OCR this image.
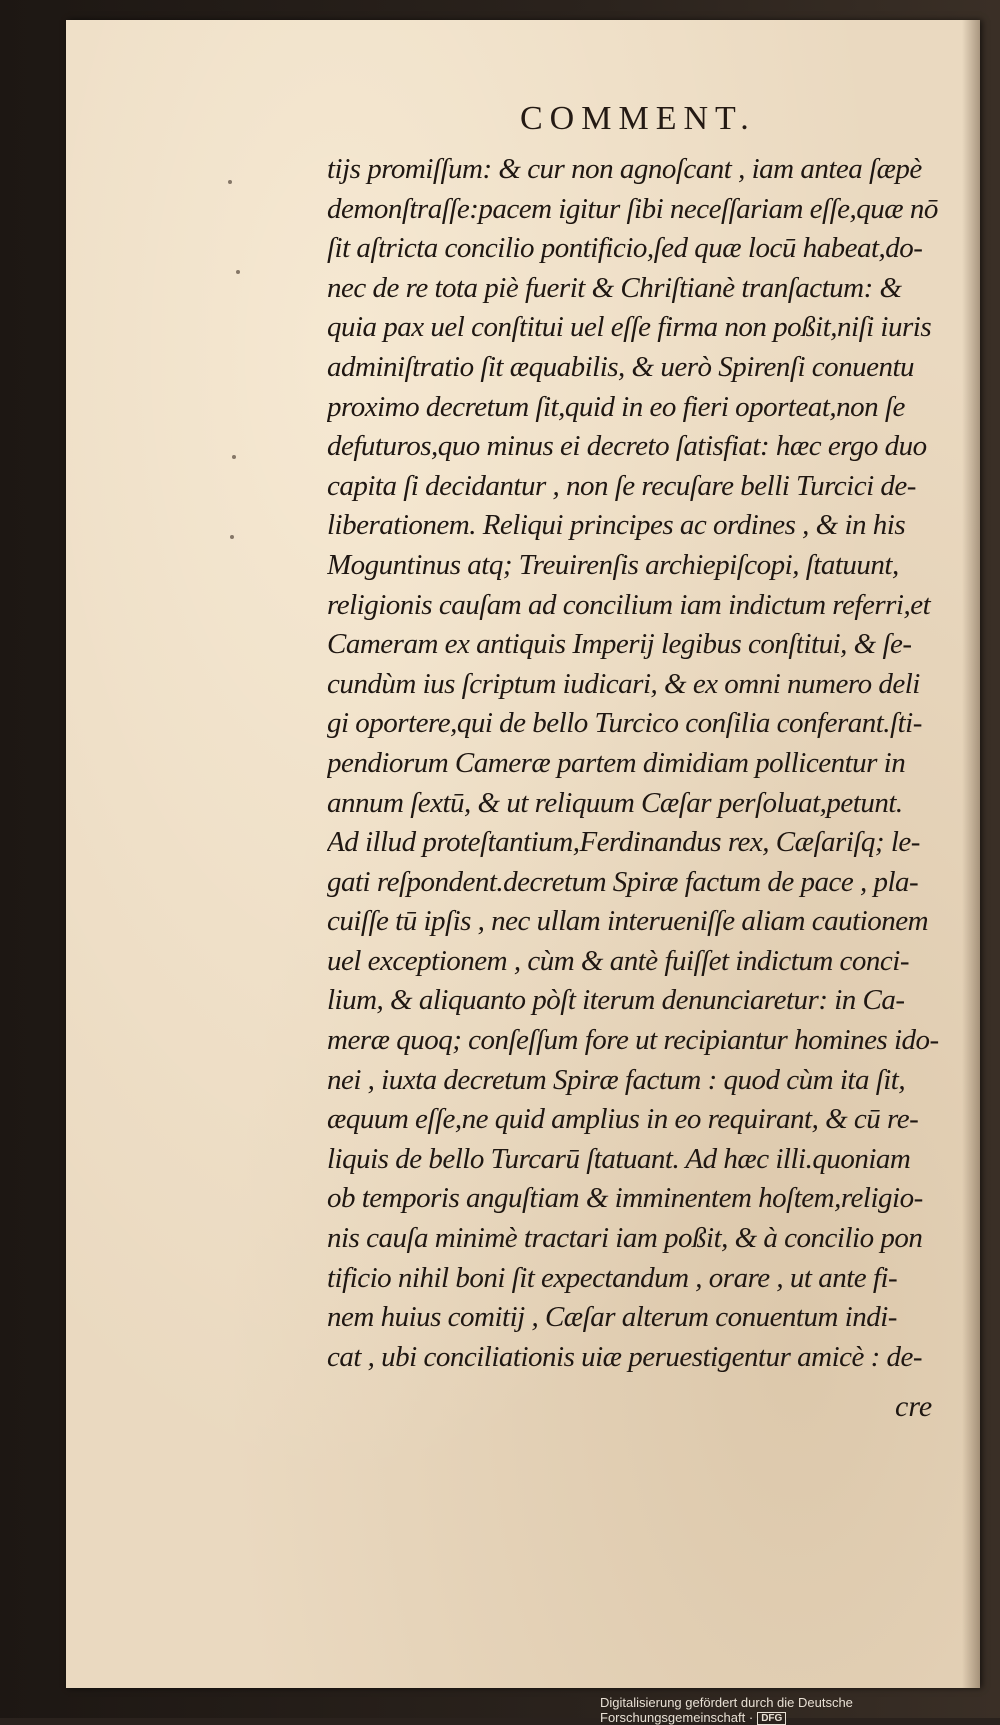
COMMENT.
tijs promiſſum: & cur non agnoſcant , iam antea ſæpè
demonſtraſſe:pacem igitur ſibi neceſſariam eſſe,quæ nō
ſit aſtricta concilio pontificio,ſed quæ locū habeat,do-
nec de re tota piè fuerit & Chriſtianè tranſactum: &
quia pax uel conſtitui uel eſſe firma non poßit,niſi iuris
adminiſtratio ſit æquabilis, & uerò Spirenſi conuentu
proximo decretum ſit,quid in eo fieri oporteat,non ſe
defuturos,quo minus ei decreto ſatisfiat: hæc ergo duo
capita ſi decidantur , non ſe recuſare belli Turcici de-
liberationem. Reliqui principes ac ordines , & in his
Moguntinus atq; Treuirenſis archiepiſcopi, ſtatuunt,
religionis cauſam ad concilium iam indictum referri,et
Cameram ex antiquis Imperij legibus conſtitui, & ſe-
cundùm ius ſcriptum iudicari, & ex omni numero deli
gi oportere,qui de bello Turcico conſilia conferant.ſti-
pendiorum Cameræ partem dimidiam pollicentur in
annum ſextū, & ut reliquum Cæſar perſoluat,petunt.
Ad illud proteſtantium,Ferdinandus rex, Cæſariſq; le-
gati reſpondent.decretum Spiræ factum de pace , pla-
cuiſſe tū ipſis , nec ullam interueniſſe aliam cautionem
uel exceptionem , cùm & antè fuiſſet indictum conci-
lium, & aliquanto pòſt iterum denunciaretur: in Ca-
meræ quoq; conſeſſum fore ut recipiantur homines ido-
nei , iuxta decretum Spiræ factum : quod cùm ita ſit,
æquum eſſe,ne quid amplius in eo requirant, & cū re-
liquis de bello Turcarū ſtatuant. Ad hæc illi.quoniam
ob temporis anguſtiam & imminentem hoſtem,religio-
nis cauſa minimè tractari iam poßit, & à concilio pon
tificio nihil boni ſit expectandum , orare , ut ante fi-
nem huius comitij , Cæſar alterum conuentum indi-
cat , ubi conciliationis uiæ peruestigentur amicè : de-
cre
Digitalisierung gefördert durch die Deutsche Forschungsgemeinschaft · DFG
